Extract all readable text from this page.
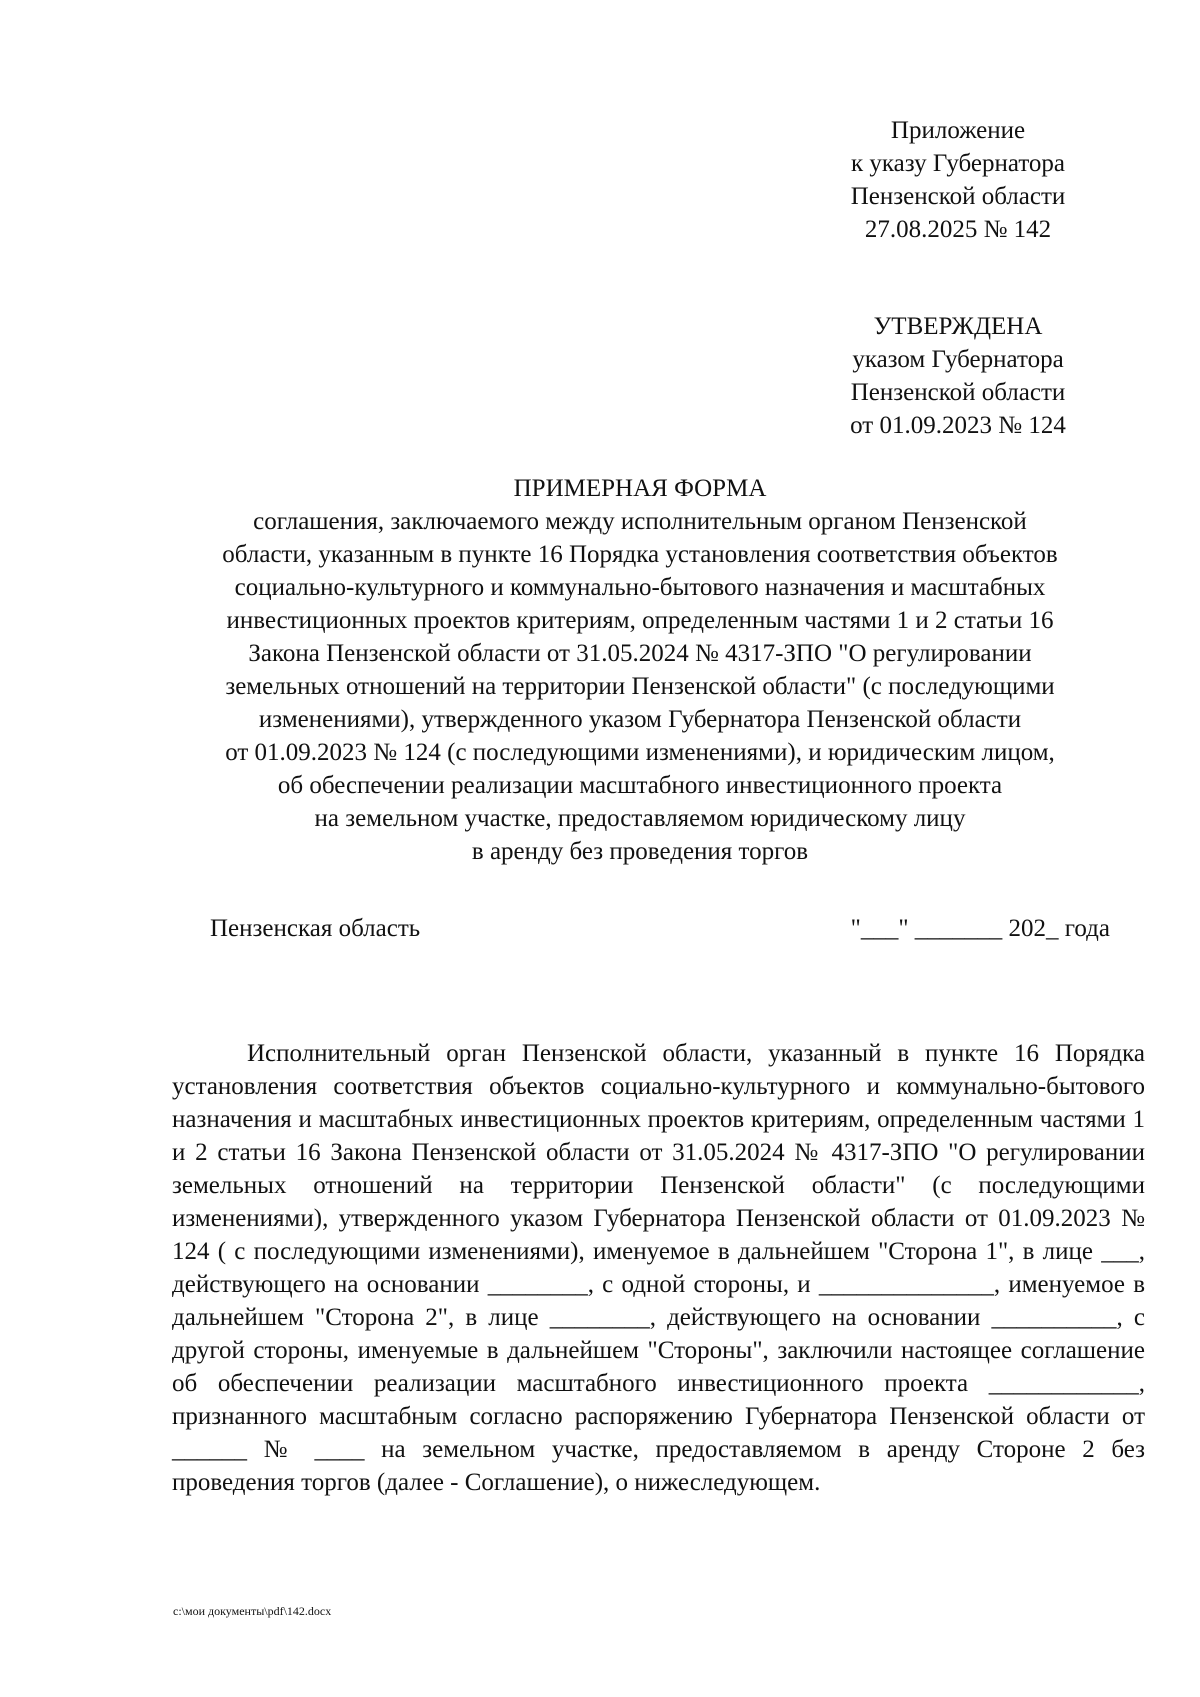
Приложение
к указу Губернатора
Пензенской области
27.08.2025 № 142
УТВЕРЖДЕНА
указом Губернатора
Пензенской области
от 01.09.2023 № 124
ПРИМЕРНАЯ ФОРМА
соглашения, заключаемого между исполнительным органом Пензенской
области, указанным в пункте 16 Порядка установления соответствия объектов
социально-культурного и коммунально-бытового назначения и масштабных
инвестиционных проектов критериям, определенным частями 1 и 2 статьи 16
Закона Пензенской области от 31.05.2024 № 4317-ЗПО "О регулировании
земельных отношений на территории Пензенской области" (с последующими
изменениями), утвержденного указом Губернатора Пензенской области
от 01.09.2023 № 124 (с последующими изменениями), и юридическим лицом,
об обеспечении реализации масштабного инвестиционного проекта
на земельном участке, предоставляемом юридическому лицу
в аренду без проведения торгов
Пензенская область	"___" _______ 202_ года

Исполнительный орган Пензенской области, указанный в пункте 16 Порядка установления соответствия объектов социально-культурного и коммунально-бытового назначения и масштабных инвестиционных проектов критериям, определенным частями 1 и 2 статьи 16 Закона Пензенской области от 31.05.2024 № 4317-ЗПО "О регулировании земельных отношений на территории Пензенской области" (с последующими изменениями), утвержденного указом Губернатора Пензенской области от 01.09.2023 № 124 ( с последующими изменениями), именуемое в дальнейшем "Сторона 1", в лице ___, действующего на основании ________, с одной стороны, и ______________, именуемое в дальнейшем "Сторона 2", в лице ________, действующего на основании __________, с другой стороны, именуемые в дальнейшем "Стороны", заключили настоящее соглашение об обеспечении реализации масштабного инвестиционного проекта ____________, признанного масштабным согласно распоряжению Губернатора Пензенской области от ______ № ____ на земельном участке, предоставляемом в аренду Стороне 2 без проведения торгов (далее - Соглашение), о нижеследующем.

c:\мои документы\pdf\142.docx
